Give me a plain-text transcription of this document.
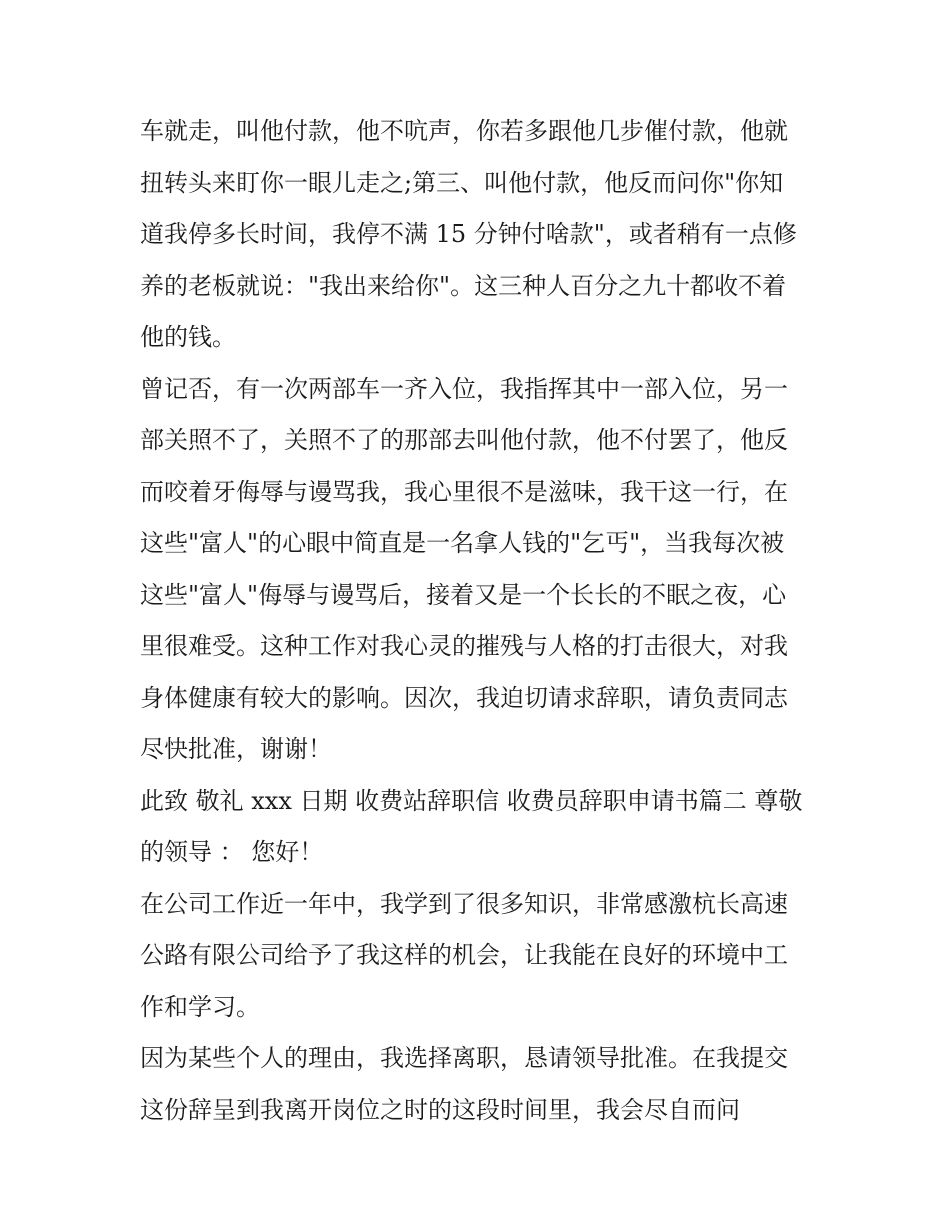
车就走，叫他付款，他不吭声，你若多跟他几步催付款，他就
扭转头来盯你一眼儿走之;第三、叫他付款，他反而问你"你知
道我停多长时间，我停不满 15 分钟付啥款"，或者稍有一点修
养的老板就说："我出来给你"。这三种人百分之九十都收不着
他的钱。
曾记否，有一次两部车一齐入位，我指挥其中一部入位，另一
部关照不了，关照不了的那部去叫他付款，他不付罢了，他反
而咬着牙侮辱与谩骂我，我心里很不是滋味，我干这一行，在
这些"富人"的心眼中简直是一名拿人钱的"乞丐"，当我每次被
这些"富人"侮辱与谩骂后，接着又是一个长长的不眠之夜，心
里很难受。这种工作对我心灵的摧残与人格的打击很大，对我
身体健康有较大的影响。因次，我迫切请求辞职，请负责同志
尽快批准，谢谢！
此致 敬礼 xxx 日期 收费站辞职信 收费员辞职申请书篇二 尊敬
的领导 ： 您好！
在公司工作近一年中，我学到了很多知识，非常感激杭长高速
公路有限公司给予了我这样的机会，让我能在良好的环境中工
作和学习。
因为某些个人的理由，我选择离职，恳请领导批准。在我提交
这份辞呈到我离开岗位之时的这段时间里，我会尽自而问
